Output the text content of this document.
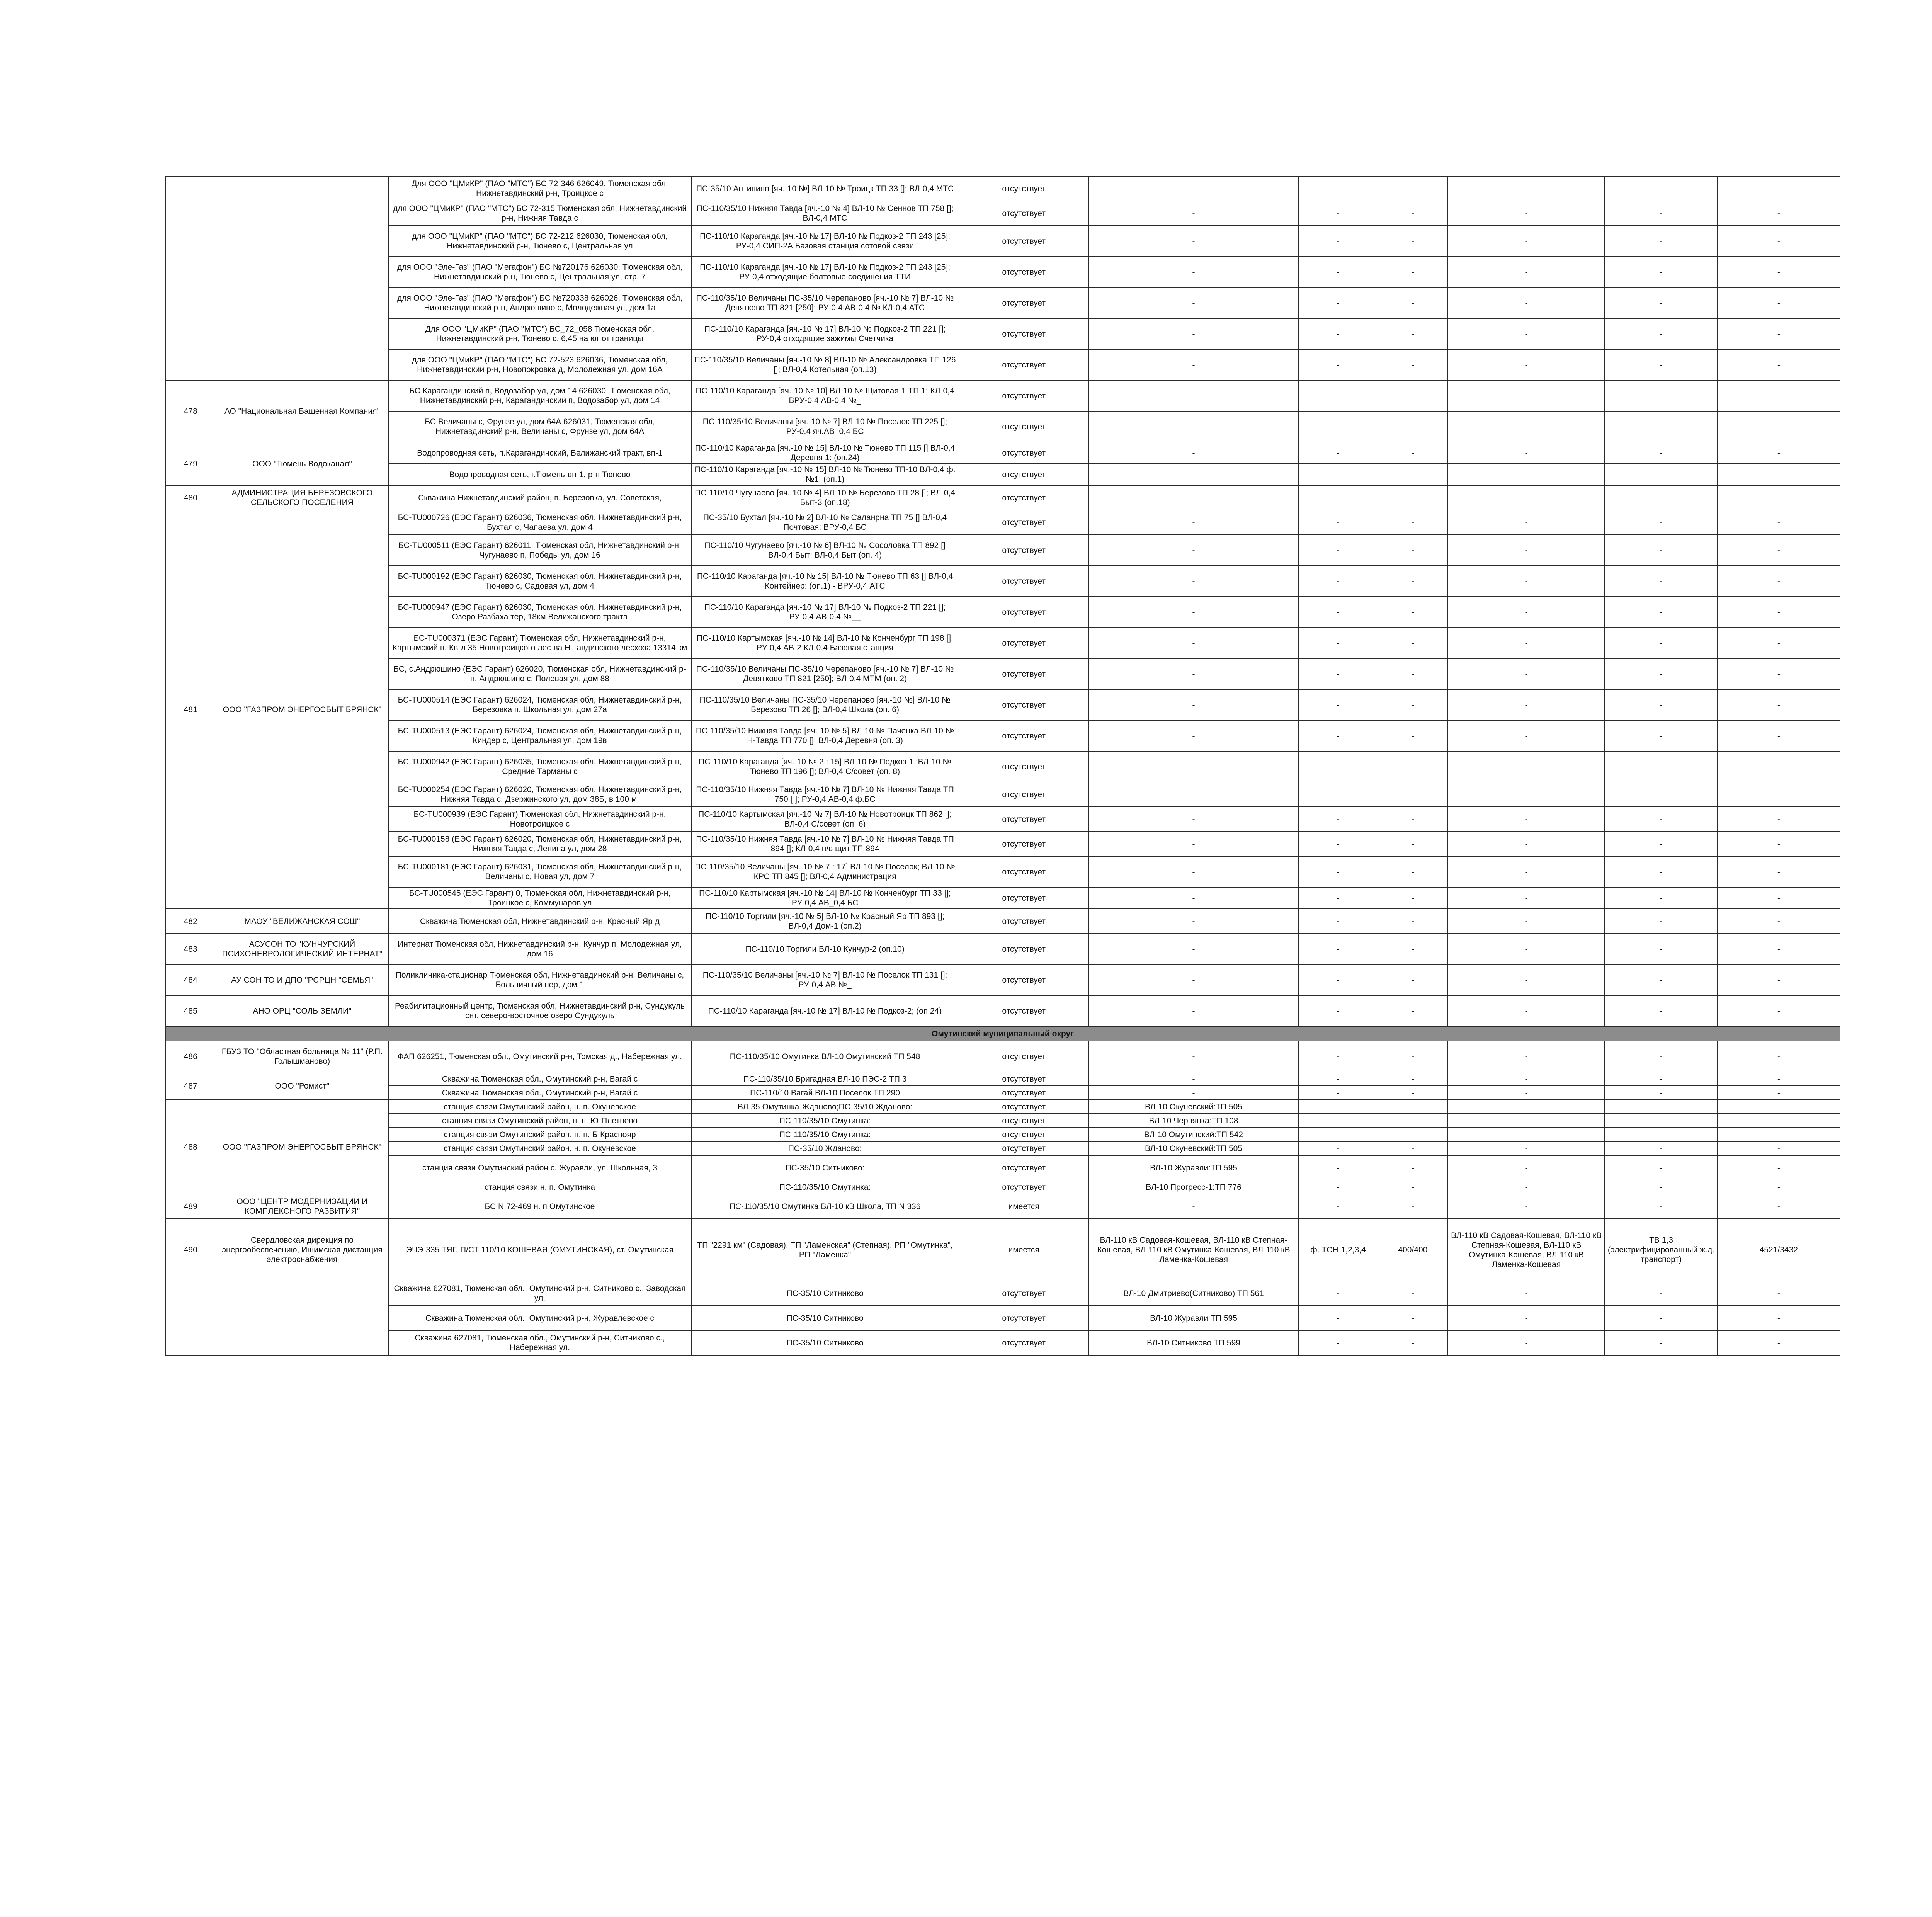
		Для ООО "ЦМиКР" (ПАО "МТС") БС 72-346 626049, Тюменская обл, Нижнетавдинский р-н, Троицкое с	ПС-35/10 Антипино [яч.-10 №] ВЛ-10 № Троицк ТП 33 []; ВЛ-0,4 МТС	отсутствует	-	-	-	-	-	-
		для ООО "ЦМиКР" (ПАО "МТС") БС 72-315 Тюменская обл, Нижнетавдинский р-н, Нижняя Тавда с	ПС-110/35/10 Нижняя Тавда [яч.-10 № 4] ВЛ-10 № Сеннов ТП 758 []; ВЛ-0,4 МТС	отсутствует	-	-	-	-	-	-
		для ООО "ЦМиКР" (ПАО "МТС") БС 72-212 626030, Тюменская обл, Нижнетавдинский р-н, Тюнево с, Центральная ул	ПС-110/10 Караганда [яч.-10 № 17] ВЛ-10 № Подкоз-2 ТП 243 [25]; РУ-0,4 СИП-2А Базовая станция сотовой связи	отсутствует	-	-	-	-	-	-
		для ООО "Эле-Газ" (ПАО "Мегафон") БС №720176 626030, Тюменская обл, Нижнетавдинский р-н, Тюнево с, Центральная ул, стр. 7	ПС-110/10 Караганда [яч.-10 № 17] ВЛ-10 № Подкоз-2 ТП 243 [25]; РУ-0,4 отходящие болтовые соединения ТТИ	отсутствует	-	-	-	-	-	-
		для ООО "Эле-Газ" (ПАО "Мегафон") БС №720338 626026, Тюменская обл, Нижнетавдинский р-н, Андрюшино с, Молодежная ул, дом 1а	ПС-110/35/10 Величаны ПС-35/10 Черепаново [яч.-10 № 7] ВЛ-10 № Девятково ТП 821 [250]; РУ-0,4 АВ-0,4 № КЛ-0,4 АТС	отсутствует	-	-	-	-	-	-
		Для ООО "ЦМиКР" (ПАО "МТС") БС_72_058 Тюменская обл, Нижнетавдинский р-н, Тюнево с, 6,45 на юг от границы	ПС-110/10 Караганда [яч.-10 № 17] ВЛ-10 № Подкоз-2 ТП 221 []; РУ-0,4 отходящие зажимы Счетчика	отсутствует	-	-	-	-	-	-
		для ООО "ЦМиКР" (ПАО "МТС") БС 72-523 626036, Тюменская обл, Нижнетавдинский р-н, Новопокровка д, Молодежная ул, дом 16А	ПС-110/35/10 Величаны [яч.-10 № 8] ВЛ-10 № Александровка ТП 126 []; ВЛ-0,4 Котельная (оп.13)	отсутствует	-	-	-	-	-	-
478	АО "Национальная Башенная Компания"	БС Карагандинский п, Водозабор ул, дом 14 626030, Тюменская обл, Нижнетавдинский р-н, Карагандинский п, Водозабор ул, дом 14	ПС-110/10 Караганда [яч.-10 № 10] ВЛ-10 № Щитовая-1 ТП 1; КЛ-0,4 ВРУ-0,4 АВ-0,4 №_	отсутствует	-	-	-	-	-	-
		БС Величаны с, Фрунзе ул, дом 64А 626031, Тюменская обл, Нижнетавдинский р-н, Величаны с, Фрунзе ул, дом 64А	ПС-110/35/10 Величаны [яч.-10 № 7] ВЛ-10 № Поселок ТП 225 []; РУ-0,4 яч.АВ_0,4 БС	отсутствует	-	-	-	-	-	-
479	ООО "Тюмень Водоканал"	Водопроводная сеть, п.Карагандинский, Велижанский тракт, вп-1	ПС-110/10 Караганда [яч.-10 № 15] ВЛ-10 № Тюнево ТП 115 [] ВЛ-0,4 Деревня 1: (оп.24)	отсутствует	-	-	-	-	-	-
		Водопроводная сеть, г.Тюмень-вп-1, р-н Тюнево	ПС-110/10 Караганда [яч.-10 № 15] ВЛ-10 № Тюнево ТП-10 ВЛ-0,4 ф.№1: (оп.1)	отсутствует	-	-	-	-	-	-
480	АДМИНИСТРАЦИЯ БЕРЕЗОВСКОГО СЕЛЬСКОГО ПОСЕЛЕНИЯ	Скважина Нижнетавдинский район, п. Березовка, ул. Советская,	ПС-110/10 Чугунаево [яч.-10 № 4] ВЛ-10 № Березово ТП 28 []; ВЛ-0,4 Быт-3 (оп.18)	отсутствует						
481	ООО "ГАЗПРОМ ЭНЕРГОСБЫТ БРЯНСК"	БС-TU000726 (ЕЭС Гарант) 626036, Тюменская обл, Нижнетавдинский р-н, Бухтал с, Чапаева ул, дом 4	ПС-35/10 Бухтал [яч.-10 № 2] ВЛ-10 № Саланрна ТП 75 [] ВЛ-0,4 Почтовая: ВРУ-0,4 БС	отсутствует	-	-	-	-	-	-
		БС-TU000511 (ЕЭС Гарант) 626011, Тюменская обл, Нижнетавдинский р-н, Чугунаево п, Победы ул, дом 16	ПС-110/10 Чугунаево [яч.-10 № 6] ВЛ-10 № Сосоловка ТП 892 [] ВЛ-0,4 Быт; ВЛ-0,4 Быт (оп. 4)	отсутствует	-	-	-	-	-	-
		БС-TU000192 (ЕЭС Гарант) 626030, Тюменская обл, Нижнетавдинский р-н, Тюнево с, Садовая ул, дом 4	ПС-110/10 Караганда [яч.-10 № 15] ВЛ-10 № Тюнево ТП 63 [] ВЛ-0,4 Контейнер: (оп.1) - ВРУ-0,4 АТС	отсутствует	-	-	-	-	-	-
		БС-TU000947 (ЕЭС Гарант) 626030, Тюменская обл, Нижнетавдинский р-н, Озеро Разбаха тер, 18км Велижанского тракта	ПС-110/10 Караганда [яч.-10 № 17] ВЛ-10 № Подкоз-2 ТП 221 []; РУ-0,4 АВ-0,4 №__	отсутствует	-	-	-	-	-	-
		БС-TU000371 (ЕЭС Гарант) Тюменская обл, Нижнетавдинский р-н, Картымский п, Кв-л 35 Новотроицкого лес-ва Н-тавдинского лесхоза 13314 км	ПС-110/10 Картымская [яч.-10 № 14] ВЛ-10 № Конченбург ТП 198 []; РУ-0,4 АВ-2 КЛ-0,4 Базовая станция	отсутствует	-	-	-	-	-	-
		БС, с.Андрюшино (ЕЭС Гарант) 626020, Тюменская обл, Нижнетавдинский р-н, Андрюшино с, Полевая ул, дом 88	ПС-110/35/10 Величаны ПС-35/10 Черепаново [яч.-10 № 7] ВЛ-10 № Девятково ТП 821 [250]; ВЛ-0,4 МТМ (оп. 2)	отсутствует	-	-	-	-	-	-
		БС-TU000514 (ЕЭС Гарант) 626024, Тюменская обл, Нижнетавдинский р-н, Березовка п, Школьная ул, дом 27а	ПС-110/35/10 Величаны ПС-35/10 Черепаново [яч.-10 №] ВЛ-10 № Березово ТП 26 []; ВЛ-0,4 Школа (оп. 6)	отсутствует	-	-	-	-	-	-
		БС-TU000513 (ЕЭС Гарант) 626024, Тюменская обл, Нижнетавдинский р-н, Киндер с, Центральная ул, дом 19в	ПС-110/35/10 Нижняя Тавда [яч.-10 № 5] ВЛ-10 № Паченка ВЛ-10 № Н-Тавда ТП 770 []; ВЛ-0,4 Деревня (оп. 3)	отсутствует	-	-	-	-	-	-
		БС-TU000942 (ЕЭС Гарант) 626035, Тюменская обл, Нижнетавдинский р-н, Средние Тарманы с	ПС-110/10 Караганда [яч.-10 № 2 : 15] ВЛ-10 № Подкоз-1 ;ВЛ-10 № Тюнево ТП 196 []; ВЛ-0,4 С/совет (оп. 8)	отсутствует	-	-	-	-	-	-
		БС-TU000254 (ЕЭС Гарант) 626020, Тюменская обл, Нижнетавдинский р-н, Нижняя Тавда с, Дзержинского ул, дом 38Б, в 100 м.	ПС-110/35/10 Нижняя Тавда [яч.-10 № 7] ВЛ-10 № Нижняя Тавда ТП 750 [ ]; РУ-0,4 АВ-0,4 ф.БС	отсутствует						
		БС-TU000939 (ЕЭС Гарант) Тюменская обл, Нижнетавдинский р-н, Новотроицкое с	ПС-110/10 Картымская [яч.-10 № 7] ВЛ-10 № Новотроицк ТП 862 []; ВЛ-0,4 С/совет (оп. 6)	отсутствует	-	-	-	-	-	-
		БС-TU000158 (ЕЭС Гарант) 626020, Тюменская обл, Нижнетавдинский р-н, Нижняя Тавда с, Ленина ул, дом 28	ПС-110/35/10 Нижняя Тавда [яч.-10 № 7] ВЛ-10 № Нижняя Тавда ТП 894 []; КЛ-0,4 н/в щит ТП-894	отсутствует	-	-	-	-	-	-
		БС-TU000181 (ЕЭС Гарант) 626031, Тюменская обл, Нижнетавдинский р-н, Величаны с, Новая ул, дом 7	ПС-110/35/10 Величаны [яч.-10 № 7 : 17] ВЛ-10 № Поселок; ВЛ-10 № КРС ТП 845 []; ВЛ-0,4 Администрация	отсутствует	-	-	-	-	-	-
		БС-TU000545 (ЕЭС Гарант) 0, Тюменская обл, Нижнетавдинский р-н, Троицкое с, Коммунаров ул	ПС-110/10 Картымская [яч.-10 № 14] ВЛ-10 № Конченбург ТП 33 []; РУ-0,4 АВ_0,4 БС	отсутствует	-	-	-	-	-	-
482	МАОУ "ВЕЛИЖАНСКАЯ СОШ"	Скважина Тюменская обл, Нижнетавдинский р-н, Красный Яр д	ПС-110/10 Торгили [яч.-10 № 5] ВЛ-10 № Красный Яр ТП 893 []; ВЛ-0,4 Дом-1 (оп.2)	отсутствует	-	-	-	-	-	-
483	АСУСОН ТО "КУНЧУРСКИЙ ПСИХОНЕВРОЛОГИЧЕСКИЙ ИНТЕРНАТ"	Интернат Тюменская обл, Нижнетавдинский р-н, Кунчур п, Молодежная ул, дом 16	ПС-110/10 Торгили ВЛ-10 Кунчур-2 (оп.10)	отсутствует	-	-	-	-	-	-
484	АУ СОН ТО И ДПО "РСРЦН "СЕМЬЯ"	Поликлиника-стационар Тюменская обл, Нижнетавдинский р-н, Величаны с, Больничный пер, дом 1	ПС-110/35/10 Величаны [яч.-10 № 7] ВЛ-10 № Поселок ТП 131 []; РУ-0,4 АВ №_	отсутствует	-	-	-	-	-	-
485	АНО ОРЦ "СОЛЬ ЗЕМЛИ"	Реабилитационный центр, Тюменская обл, Нижнетавдинский р-н, Сундукуль снт, северо-восточное озеро Сундукуль	ПС-110/10 Караганда [яч.-10 № 17] ВЛ-10 № Подкоз-2; (оп.24)	отсутствует	-	-	-	-	-	-
Омутинский муниципальный округ										
486	ГБУЗ ТО "Областная больница № 11" (Р.П. Голышманово)	ФАП 626251, Тюменская обл., Омутинский р-н, Томская д., Набережная ул.	ПС-110/35/10 Омутинка ВЛ-10 Омутинский ТП 548	отсутствует	-	-	-	-	-	-
487	ООО "Ромист"	Скважина Тюменская обл., Омутинский р-н, Вагай с	ПС-110/35/10 Бригадная ВЛ-10 ПЭС-2 ТП 3	отсутствует	-	-	-	-	-	-
		Скважина Тюменская обл., Омутинский р-н, Вагай с	ПС-110/10 Вагай ВЛ-10 Поселок ТП 290	отсутствует	-	-	-	-	-	-
488	ООО "ГАЗПРОМ ЭНЕРГОСБЫТ БРЯНСК"	станция связи Омутинский район, н. п. Окуневское	ВЛ-35 Омутинка-Ждановo;ПС-35/10 Жданово:	отсутствует	ВЛ-10 Окуневский:ТП 505	-	-	-	-	-
		станция связи Омутинский район, н. п. Ю-Плетнево	ПС-110/35/10 Омутинка:	отсутствует	ВЛ-10 Червянка:ТП 108	-	-	-	-	-
		станция связи Омутинский район, н. п. Б-Краснояр	ПС-110/35/10 Омутинка:	отсутствует	ВЛ-10 Омутинский:ТП 542	-	-	-	-	-
		станция связи Омутинский район, н. п. Окуневское	ПС-35/10 Жданово:	отсутствует	ВЛ-10 Окуневский:ТП 505	-	-	-	-	-
		станция связи Омутинский район с. Журавли, ул. Школьная, 3	ПС-35/10 Ситниково:	отсутствует	ВЛ-10 Журавли:ТП 595	-	-	-	-	-
		станция связи н. п. Омутинка	ПС-110/35/10 Омутинка:	отсутствует	ВЛ-10 Прогресс-1:ТП 776	-	-	-	-	-
489	ООО "ЦЕНТР МОДЕРНИЗАЦИИ И КОМПЛЕКСНОГО РАЗВИТИЯ"	БС N 72-469 н. п Омутинское	ПС-110/35/10 Омутинка ВЛ-10 кВ Школа, ТП N 336	имеется	-	-	-	-	-	-
490	Свердловская дирекция по энергообеспечению, Ишимская дистанция электроснабжения	ЭЧЭ-335 ТЯГ. П/СТ 110/10 КОШЕВАЯ (ОМУТИНСКАЯ), ст. Омутинская	ТП "2291 км" (Садовая), ТП "Ламенская" (Степная), РП "Омутинка", РП "Ламенка"	имеется	ВЛ-110 кВ Садовая-Кошевая, ВЛ-110 кВ Степная-Кошевая, ВЛ-110 кВ Омутинка-Кошевая, ВЛ-110 кВ Ламенка-Кошевая	ф. ТСН-1,2,3,4	400/400	ВЛ-110 кВ Садовая-Кошевая, ВЛ-110 кВ Степная-Кошевая, ВЛ-110 кВ Омутинка-Кошевая, ВЛ-110 кВ Ламенка-Кошевая	ТВ 1,3 (электрифицированный ж.д. транспорт)	4521/3432
		Скважина 627081, Тюменская обл., Омутинский р-н, Ситниково с., Заводская ул.	ПС-35/10 Ситниково	отсутствует	ВЛ-10 Дмитриево(Ситниково) ТП 561	-	-	-	-	-
		Скважина Тюменская обл., Омутинский р-н, Журавлевское с	ПС-35/10 Ситниково	отсутствует	ВЛ-10 Журавли ТП 595	-	-	-	-	-
		Скважина 627081, Тюменская обл., Омутинский р-н, Ситниково с., Набережная ул.	ПС-35/10 Ситниково	отсутствует	ВЛ-10 Ситниково ТП 599	-	-	-	-	-
